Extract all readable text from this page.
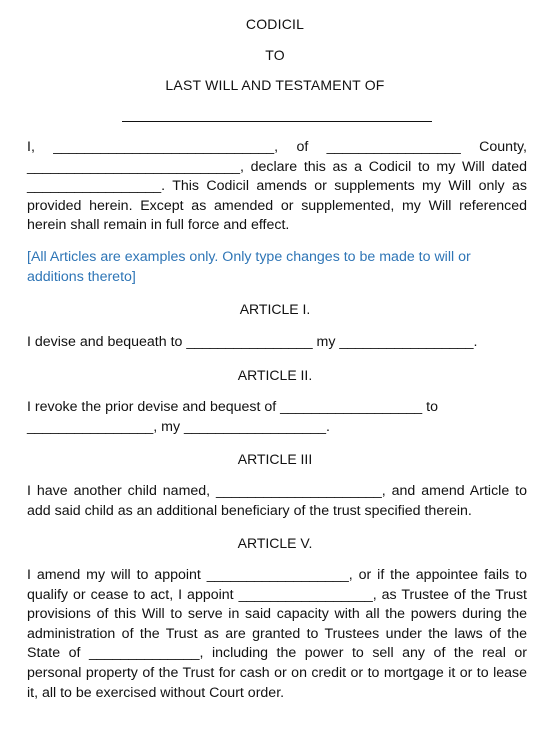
CODICIL
TO
LAST WILL AND TESTAMENT OF
I, ____________________________, of _________________ County, ___________________________, declare this as a Codicil to my Will dated _________________. This Codicil amends or supplements my Will only as provided herein. Except as amended or supplemented, my Will referenced herein shall remain in full force and effect.
[All Articles are examples only. Only type changes to be made to will or additions thereto]
ARTICLE I.
I devise and bequeath to ________________ my _________________.
ARTICLE II.
I revoke the prior devise and bequest of __________________ to ________________, my __________________.
ARTICLE III
I have another child named, _____________________, and amend Article to add said child as an additional beneficiary of the trust specified therein.
ARTICLE V.
I amend my will to appoint __________________, or if the appointee fails to qualify or cease to act, I appoint _________________, as Trustee of the Trust provisions of this Will to serve in said capacity with all the powers during the administration of the Trust as are granted to Trustees under the laws of the State of ______________, including the power to sell any of the real or personal property of the Trust for cash or on credit or to mortgage it or to lease it, all to be exercised without Court order.
